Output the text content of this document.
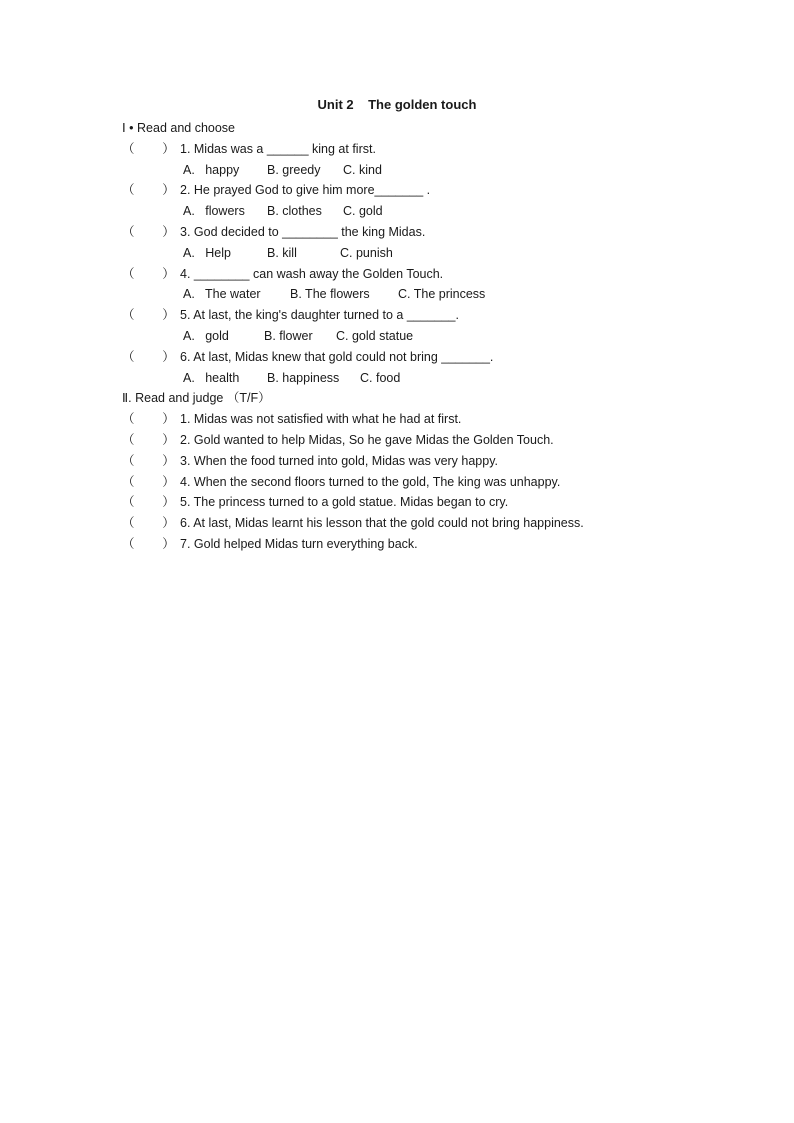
Unit 2    The golden touch
Ⅰ • Read and choose
（        ） 1. Midas was a ______ king at first.
A.   happy	B. greedy	C. kind
（        ） 2. He prayed God to give him more_______ .
A.   flowers	B. clothes	C. gold
（        ） 3. God decided to ________ the king Midas.
A.   Help	B. kill	C. punish
（        ） 4. ________ can wash away the Golden Touch.
A.   The water	B. The flowers	C. The princess
（        ） 5. At last, the king's daughter turned to a _______.
A.   gold	B. flower	C. gold statue
（        ） 6. At last, Midas knew that gold could not bring _______.
A.   health	B. happiness	C. food
Ⅱ. Read and judge （T/F）
（        ） 1. Midas was not satisfied with what he had at first.
（        ） 2. Gold wanted to help Midas, So he gave Midas the Golden Touch.
（        ） 3. When the food turned into gold, Midas was very happy.
（        ） 4. When the second floors turned to the gold, The king was unhappy.
（        ） 5. The princess turned to a gold statue. Midas began to cry.
（        ） 6. At last, Midas learnt his lesson that the gold could not bring happiness.
（        ） 7. Gold helped Midas turn everything back.
